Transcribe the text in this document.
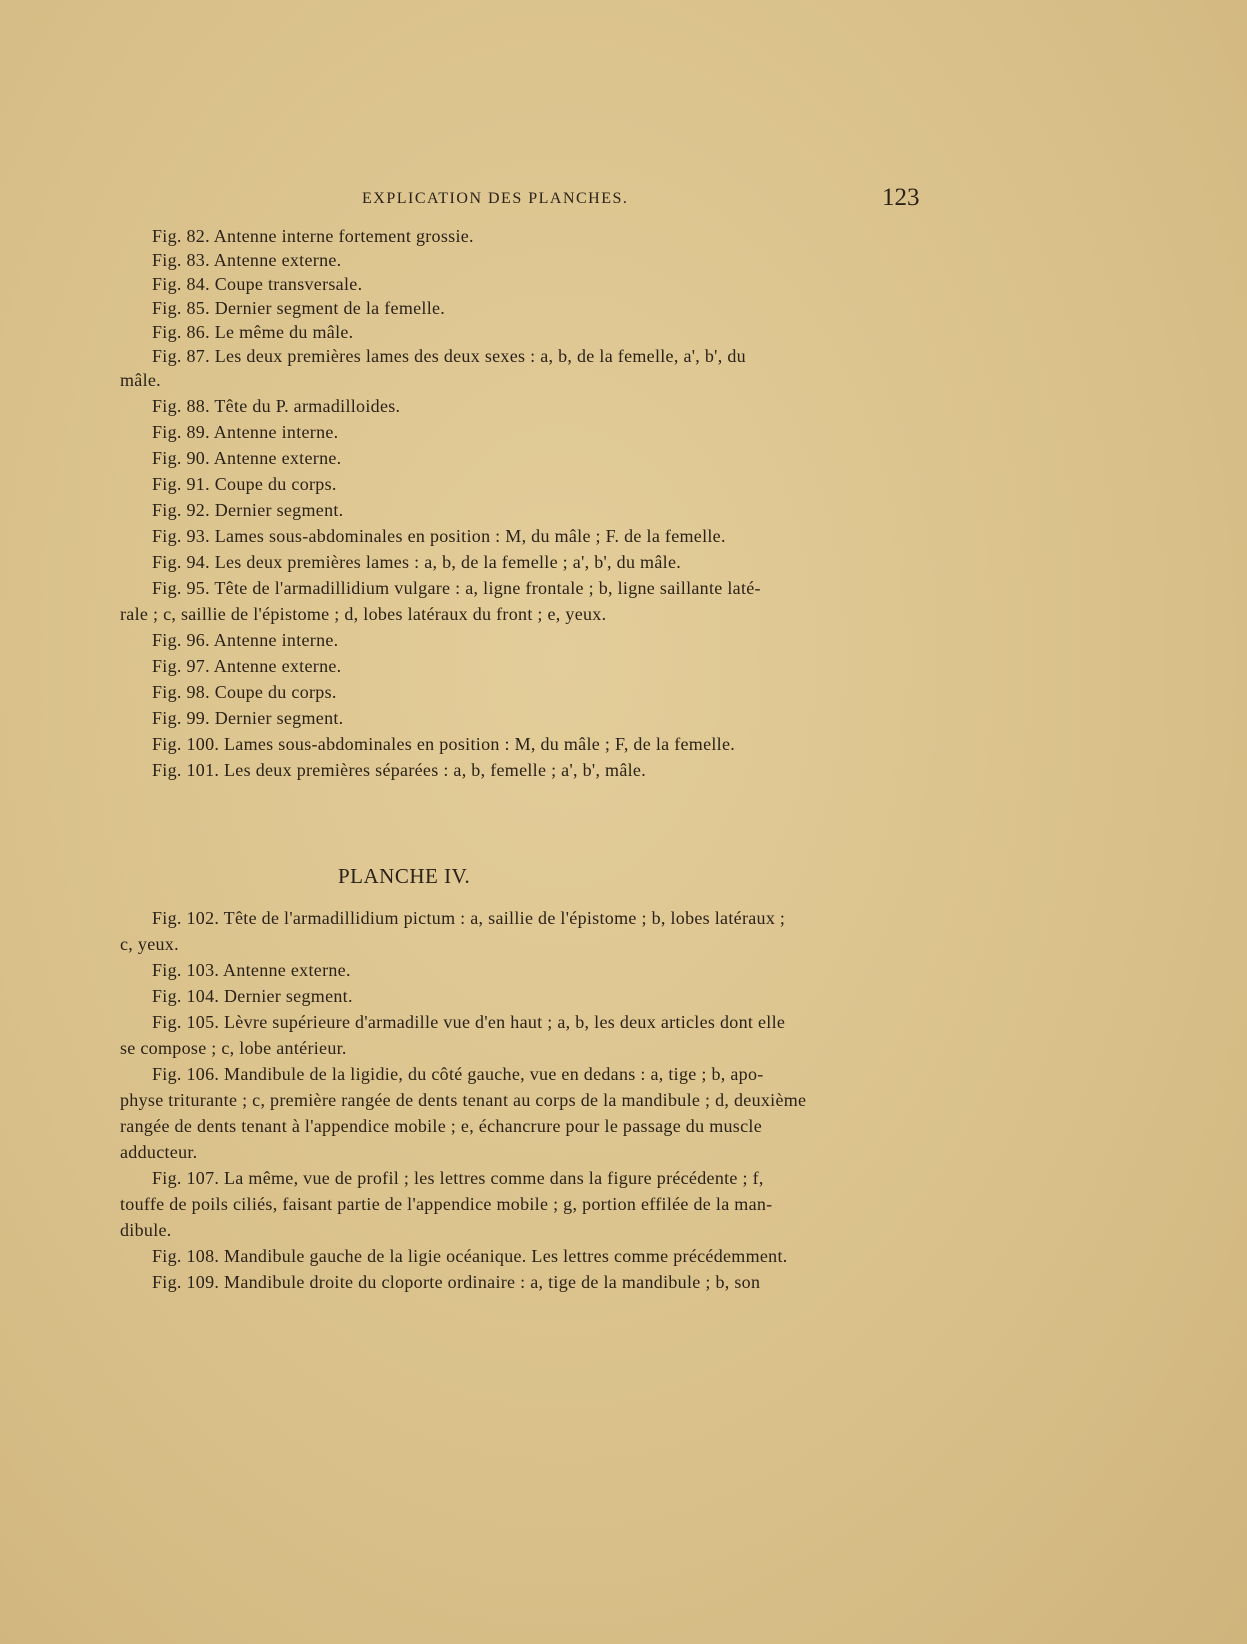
EXPLICATION DES PLANCHES.	123
Fig. 82. Antenne interne fortement grossie.
Fig. 83. Antenne externe.
Fig. 84. Coupe transversale.
Fig. 85. Dernier segment de la femelle.
Fig. 86. Le même du mâle.
Fig. 87. Les deux premières lames des deux sexes : a, b, de la femelle, a', b', du
mâle.
Fig. 88. Tête du P. armadilloides.
Fig. 89. Antenne interne.
Fig. 90. Antenne externe.
Fig. 91. Coupe du corps.
Fig. 92. Dernier segment.
Fig. 93. Lames sous-abdominales en position : M, du mâle ; F. de la femelle.
Fig. 94. Les deux premières lames : a, b, de la femelle ; a', b', du mâle.
Fig. 95. Tête de l'armadillidium vulgare : a, ligne frontale ; b, ligne saillante laté-
rale ; c, saillie de l'épistome ; d, lobes latéraux du front ; e, yeux.
Fig. 96. Antenne interne.
Fig. 97. Antenne externe.
Fig. 98. Coupe du corps.
Fig. 99. Dernier segment.
Fig. 100. Lames sous-abdominales en position : M, du mâle ; F, de la femelle.
Fig. 101. Les deux premières séparées : a, b, femelle ; a', b', mâle.
PLANCHE IV.
Fig. 102. Tête de l'armadillidium pictum : a, saillie de l'épistome ; b, lobes latéraux ;
c, yeux.
Fig. 103. Antenne externe.
Fig. 104. Dernier segment.
Fig. 105. Lèvre supérieure d'armadille vue d'en haut ; a, b, les deux articles dont elle
se compose ; c, lobe antérieur.
Fig. 106. Mandibule de la ligidie, du côté gauche, vue en dedans : a, tige ; b, apo-
physe triturante ; c, première rangée de dents tenant au corps de la mandibule ; d, deuxième
rangée de dents tenant à l'appendice mobile ; e, échancrure pour le passage du muscle
adducteur.
Fig. 107. La même, vue de profil ; les lettres comme dans la figure précédente ; f,
touffe de poils ciliés, faisant partie de l'appendice mobile ; g, portion effilée de la man-
dibule.
Fig. 108. Mandibule gauche de la ligie océanique. Les lettres comme précédemment.
Fig. 109. Mandibule droite du cloporte ordinaire : a, tige de la mandibule ; b, son
